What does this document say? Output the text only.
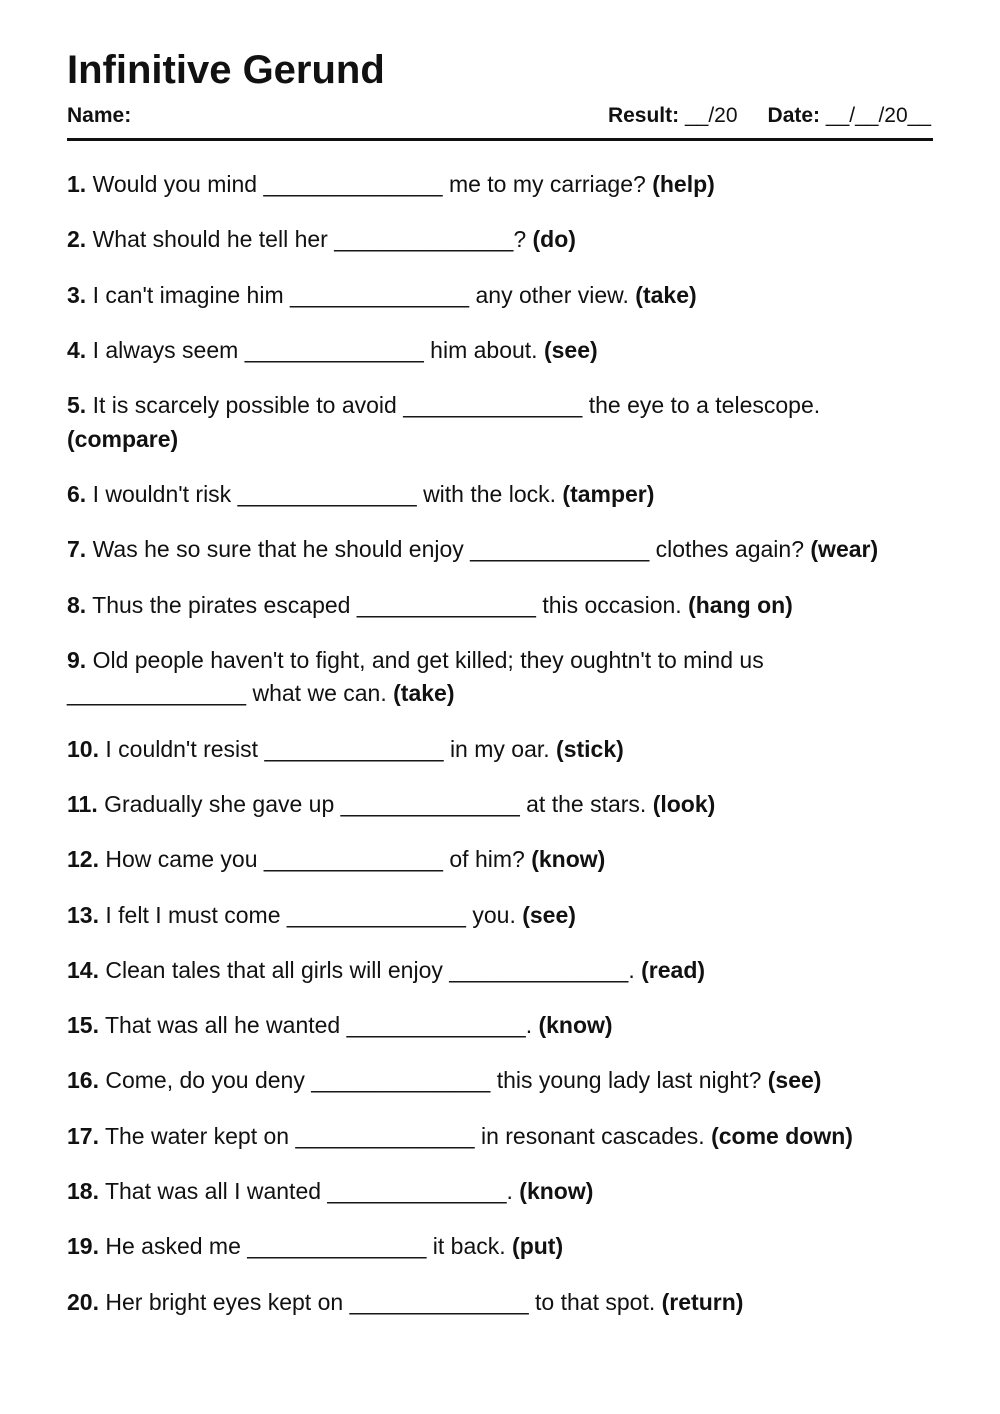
Infinitive Gerund
Name:	Result: __/20 Date: __/__/20__
1. Would you mind ______________ me to my carriage? (help)
2. What should he tell her ______________? (do)
3. I can't imagine him ______________ any other view. (take)
4. I always seem ______________ him about. (see)
5. It is scarcely possible to avoid ______________ the eye to a telescope. (compare)
6. I wouldn't risk ______________ with the lock. (tamper)
7. Was he so sure that he should enjoy ______________ clothes again? (wear)
8. Thus the pirates escaped ______________ this occasion. (hang on)
9. Old people haven't to fight, and get killed; they oughtn't to mind us ______________ what we can. (take)
10. I couldn't resist ______________ in my oar. (stick)
11. Gradually she gave up ______________ at the stars. (look)
12. How came you ______________ of him? (know)
13. I felt I must come ______________ you. (see)
14. Clean tales that all girls will enjoy ______________. (read)
15. That was all he wanted ______________. (know)
16. Come, do you deny ______________ this young lady last night? (see)
17. The water kept on ______________ in resonant cascades. (come down)
18. That was all I wanted ______________. (know)
19. He asked me ______________ it back. (put)
20. Her bright eyes kept on ______________ to that spot. (return)
